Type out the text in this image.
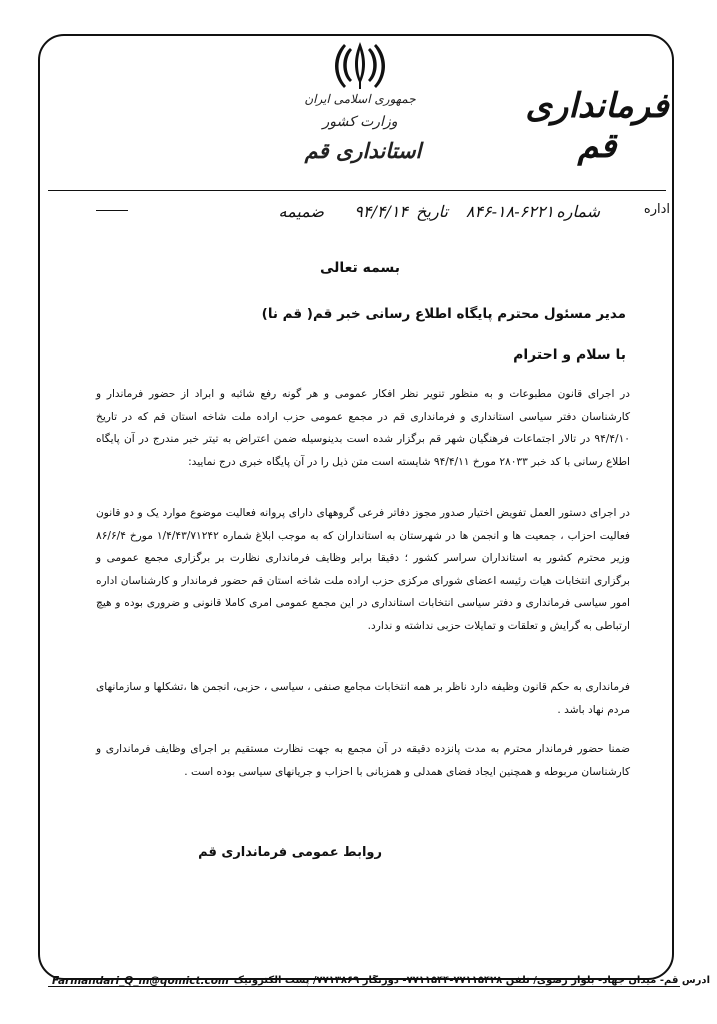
جمهوری اسلامی ایران
وزارت کشور
استانداری قم
فرمانداری قم
اداره
شماره
۸۴۶-۱۸-۶۲۲۱
تاریخ
۹۴/۴/۱۴
ضمیمه
بسمه تعالی
مدیر مسئول محترم پایگاه اطلاع رسانی خبر قم( قم نا)
با سلام و احترام

در اجرای قانون مطبوعات و به منظور تنویر نظر افکار عمومی و هر گونه رفع شائبه و ابراد از حضور فرماندار و کارشناسان دفتر سیاسی استانداری و فرمانداری قم در مجمع عمومی حزب اراده ملت شاخه استان قم که در تاریخ ۹۴/۴/۱۰ در تالار اجتماعات فرهنگیان شهر قم برگزار شده است بدینوسیله ضمن اعتراض به تیتر خبر مندرج در آن پایگاه اطلاع رسانی با کد خبر ۲۸۰۳۳ مورخ ۹۴/۴/۱۱ شایسته است متن ذیل را در آن پایگاه خبری درج نمایید:

در اجرای دستور العمل تفویض اختیار صدور مجوز دفاتر فرعی گروههای دارای پروانه فعالیت موضوع موارد یک و دو قانون فعالیت احزاب ، جمعیت ها و انجمن ها در شهرستان به استانداران که به موجب ابلاغ شماره ۱/۴/۴۳/۷۱۲۴۲ مورخ ۸۶/۶/۴ وزیر محترم کشور به استانداران سراسر کشور ؛ دقیقا برابر وظایف فرمانداری نظارت بر برگزاری مجمع عمومی و برگزاری انتخابات هیات رئیسه اعضای شورای مرکزی حزب اراده ملت شاخه استان قم حضور فرماندار و کارشناسان اداره امور سیاسی فرمانداری و دفتر سیاسی انتخابات استانداری در این مجمع عمومی امری کاملا قانونی و ضروری بوده و هیچ ارتباطی به گرایش و تعلقات و تمایلات حزبی نداشته و ندارد.

فرمانداری به حکم قانون وظیفه دارد ناظر بر همه انتخابات مجامع صنفی ، سیاسی ، حزبی، انجمن ها ،تشکلها و سازمانهای مردم نهاد باشد .

ضمنا حضور فرماندار محترم به مدت پانزده دقیقه در آن مجمع به جهت نظارت مستقیم بر اجرای وظایف فرمانداری و کارشناسان مربوطه و همچنین ایجاد فضای همدلی و همزبانی با احزاب و جریانهای سیاسی بوده است .

روابط عمومی فرمانداری قم
Farmandari_Q_m@qomict.com آدرس قم- میدان جهاد- بلوار رضوی/ تلفن ۷۷۱۱۵۴۲۸-۷۷۱۱۵۴۴- دورنگار ۷۷۱۳۸۶۹/ پست الکترونیک
